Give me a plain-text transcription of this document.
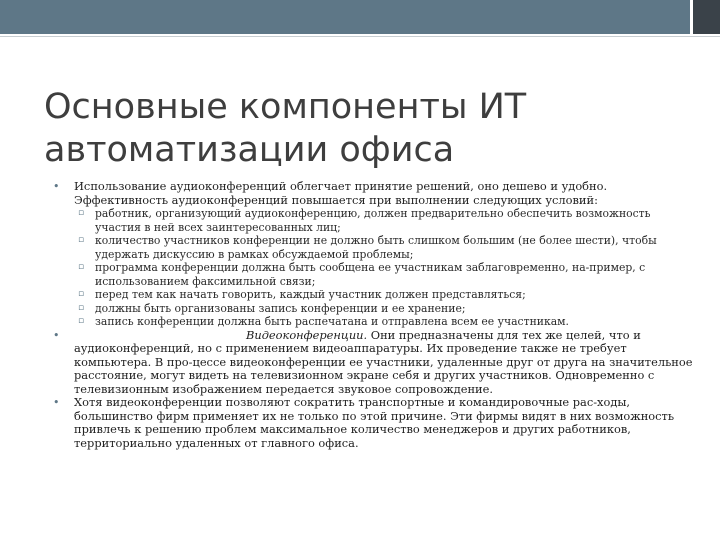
Основные компоненты ИТ автоматизации офиса
• Использование аудиоконференций облегчает принятие решений, оно дешево и удобно. Эффективность аудиоконференций повышается при выполнении следующих условий:
▫ работник, организующий аудиоконференцию, должен предварительно обеспечить возможность участия в ней всех заинтересованных лиц;
▫ количество участников конференции не должно быть слишком большим (не более шести), чтобы удержать дискуссию в рамках обсуждаемой проблемы;
▫ программа конференции должна быть сообщена ее участникам заблаговременно, на-пример, с использованием факсимильной связи;
▫ перед тем как начать говорить, каждый участник должен представляться;
▫ должны быть организованы запись конференции и ее хранение;
▫ запись конференции должна быть распечатана и отправлена всем ее участникам.
•	Видеоконференции. Они предназначены для тех же целей, что и аудиоконференций, но с применением видеоаппаратуры. Их проведение также не требует компьютера. В про-цессе видеоконференции ее участники, удаленные друг от друга на значительное расстояние, могут видеть на телевизионном экране себя и других участников. Одновременно с телевизионным изображением передается звуковое сопровождение.
• Хотя видеоконференции позволяют сократить транспортные и командировочные рас-ходы, большинство фирм применяет их не только по этой причине. Эти фирмы видят в них возможность привлечь к решению проблем максимальное количество менеджеров и других работников, территориально удаленных от главного офиса.
